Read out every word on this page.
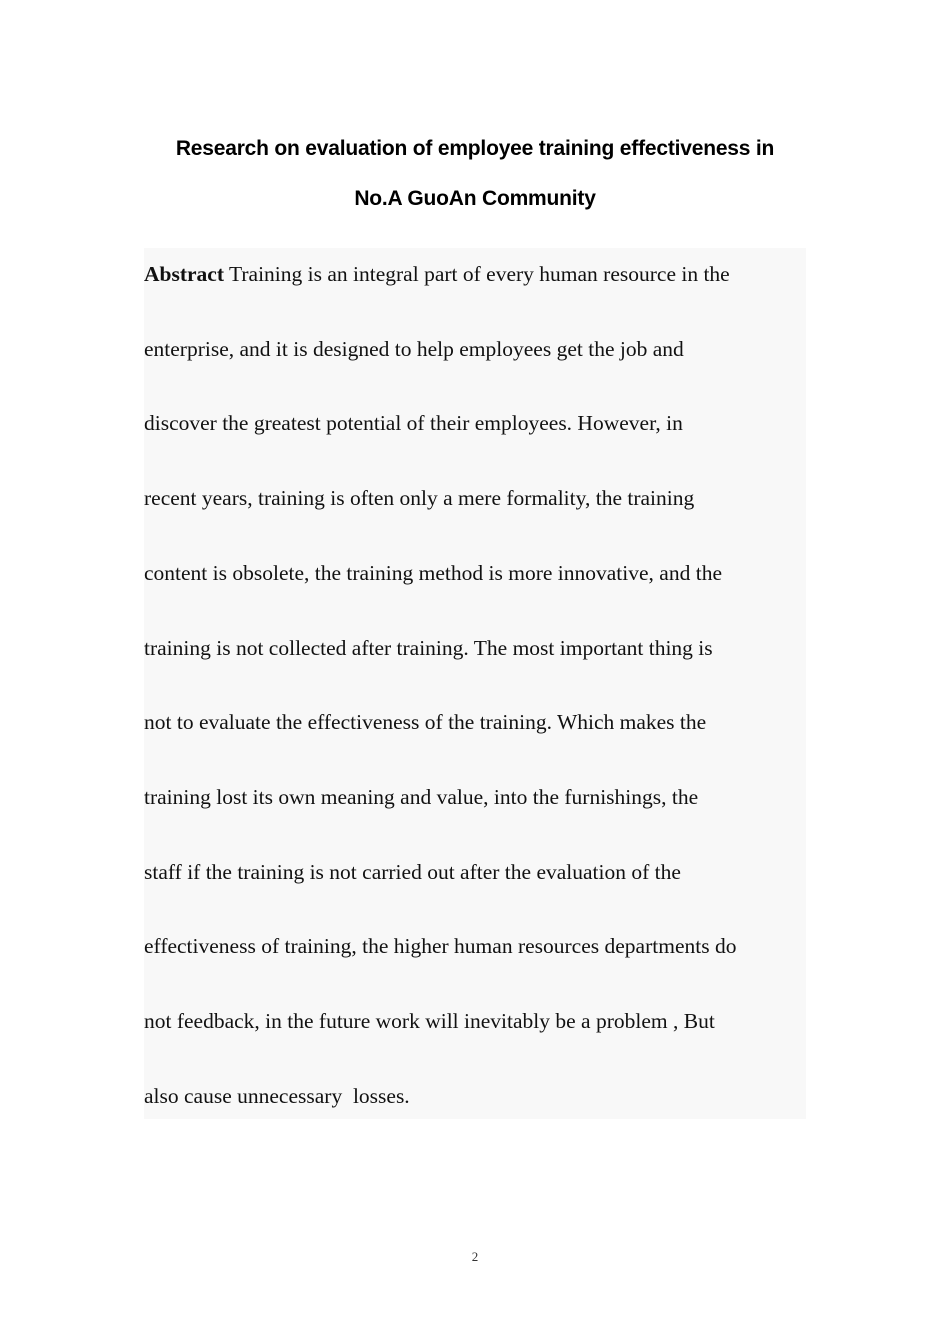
Research on evaluation of employee training effectiveness in
No.A GuoAn Community
Abstract Training is an integral part of every human resource in the
enterprise, and it is designed to help employees get the job and
discover the greatest potential of their employees. However, in
recent years, training is often only a mere formality, the training
content is obsolete, the training method is more innovative, and the
training is not collected after training. The most important thing is
not to evaluate the effectiveness of the training. Which makes the
training lost its own meaning and value, into the furnishings, the
staff if the training is not carried out after the evaluation of the
effectiveness of training, the higher human resources departments do
not feedback, in the future work will inevitably be a problem , But
also cause unnecessary  losses.
2
